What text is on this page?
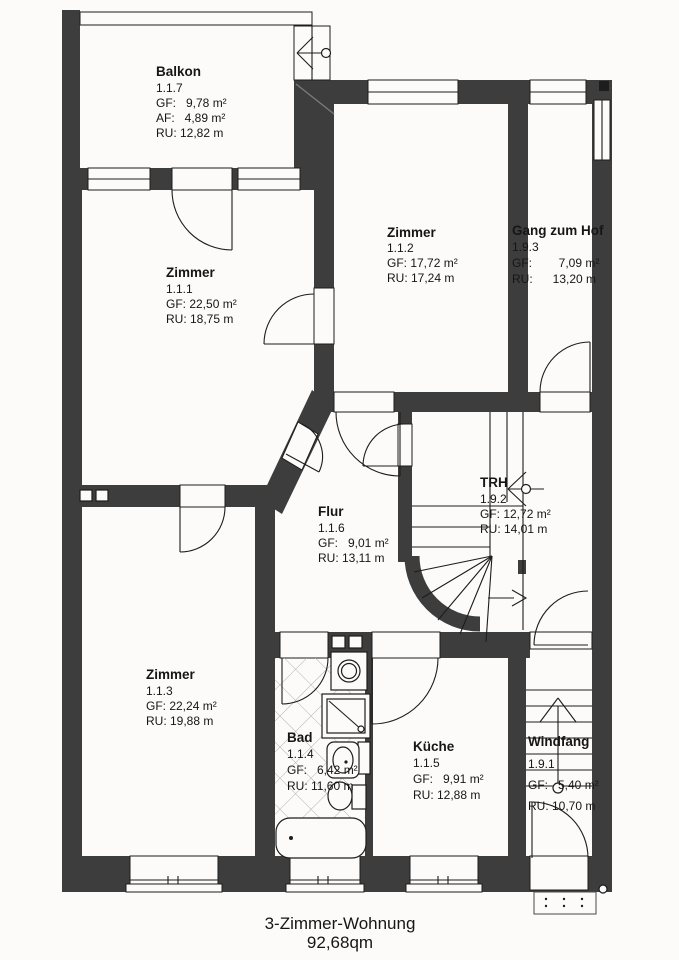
Balkon
1.1.7
GF:   9,78 m²
AF:   4,89 m²
RU: 12,82 m
Zimmer
1.1.1
GF: 22,50 m²
RU: 18,75 m
Zimmer
1.1.2
GF: 17,72 m²
RU: 17,24 m
Gang zum Hof
1.9.3
GF:        7,09 m²
RU:      13,20 m
Flur
1.1.6
GF:   9,01 m²
RU: 13,11 m
TRH
1.9.2
GF: 12,72 m²
RU: 14,01 m
Zimmer
1.1.3
GF: 22,24 m²
RU: 19,88 m
Bad
1.1.4
GF:   6,42 m²
RU: 11,60 m
Küche
1.1.5
GF:   9,91 m²
RU: 12,88 m
Windfang
1.9.1
GF:   5,40 m²
RU: 10,70 m
3-Zimmer-Wohnung
92,68qm
